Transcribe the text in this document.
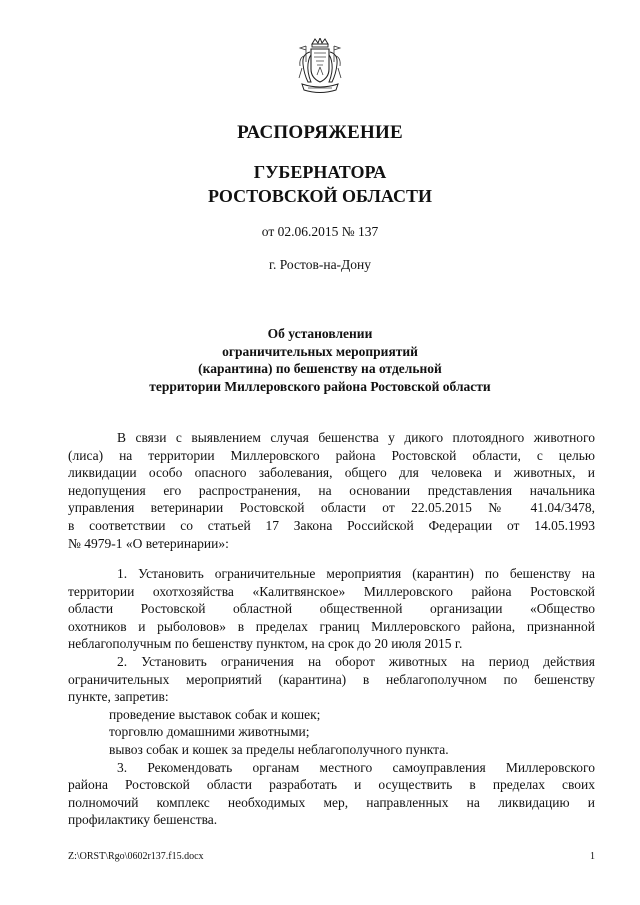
РАСПОРЯЖЕНИЕ
ГУБЕРНАТОРА
РОСТОВСКОЙ ОБЛАСТИ
от 02.06.2015 № 137
г. Ростов-на-Дону
Об установлении
ограничительных мероприятий
(карантина) по бешенству на отдельной
территории Миллеровского района Ростовской области

В связи с выявлением случая бешенства у дикого плотоядного животного

(лиса) на территории Миллеровского района Ростовской области, с целью

ликвидации особо опасного заболевания, общего для человека и животных, и

недопущения его распространения, на основании представления начальника

управления ветеринарии Ростовской области от 22.05.2015 № 41.04/3478,

в соответствии со статьей 17 Закона Российской Федерации от 14.05.1993

№ 4979-1 «О ветеринарии»:

1. Установить ограничительные мероприятия (карантин) по бешенству на

территории охотхозяйства «Калитвянское» Миллеровского района Ростовской

области Ростовской областной общественной организации «Общество

охотников и рыболовов» в пределах границ Миллеровского района, признанной

неблагополучным по бешенству пунктом, на срок до 20 июля 2015 г.

2. Установить ограничения на оборот животных на период действия

ограничительных мероприятий (карантина) в неблагополучном по бешенству

пункте, запретив:

проведение выставок собак и кошек;

торговлю домашними животными;

вывоз собак и кошек за пределы неблагополучного пункта.

3. Рекомендовать органам местного самоуправления Миллеровского

района Ростовской области разработать и осуществить в пределах своих

полномочий комплекс необходимых мер, направленных на ликвидацию и

профилактику бешенства.

Z:\ORST\Rgo\0602r137.f15.docx	1
